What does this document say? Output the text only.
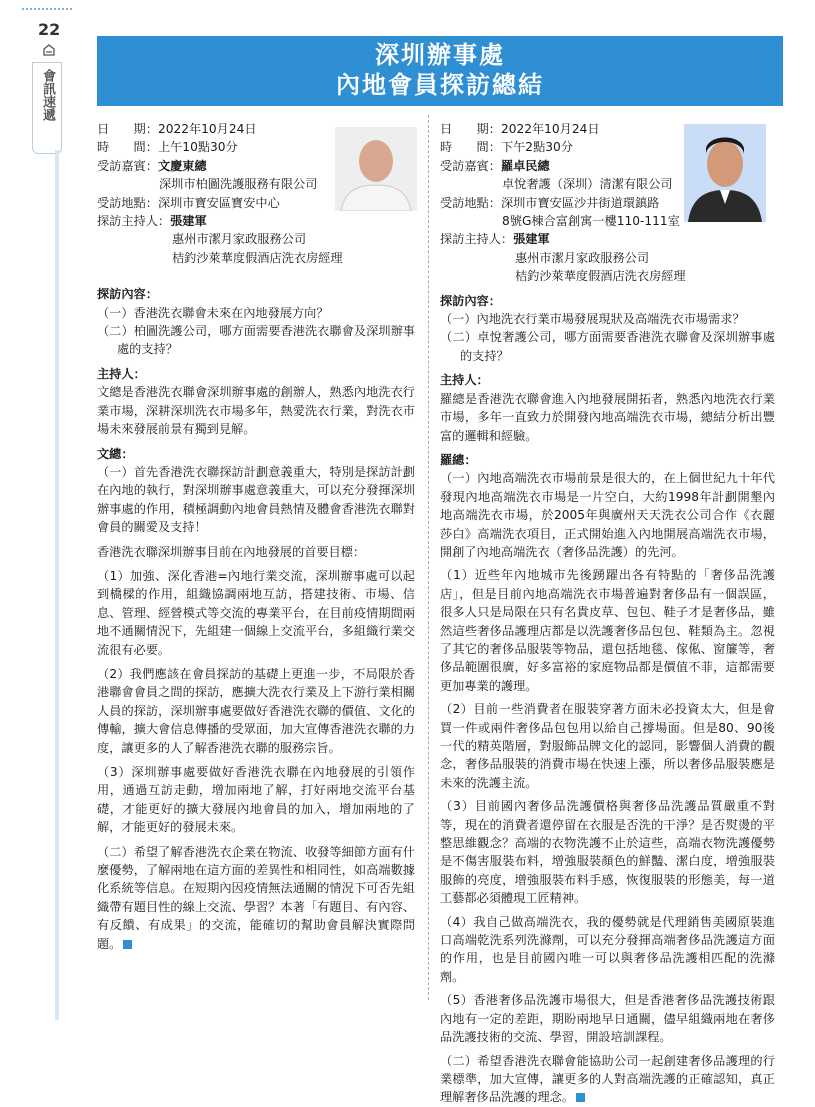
22
會訊速遞
深圳辦事處
內地會員探訪總結
日　　期： 2022年10月24日
時　　間： 上午10點30分
受訪嘉賓： 文慶東總
深圳市柏圖洗護服務有限公司
受訪地點： 深圳市寶安區寶安中心
探訪主持人： 張建軍
惠州市潔月家政服務公司
桔釣沙萊華度假酒店洗衣房經理
探訪內容：

（一）香港洗衣聯會未來在內地發展方向？

（二）柏圖洗護公司，哪方面需要香港洗衣聯會及深圳辦事處的支持？

主持人：

文總是香港洗衣聯會深圳辦事處的創辦人，熟悉內地洗衣行業市場，深耕深圳洗衣市場多年，熱愛洗衣行業，對洗衣市場未來發展前景有獨到見解。

文總：

（一）首先香港洗衣聯探訪計劃意義重大，特別是探訪計劃在內地的執行，對深圳辦事處意義重大，可以充分發揮深圳辦事處的作用，積極調動內地會員熱情及體會香港洗衣聯對會員的關愛及支持！

香港洗衣聯深圳辦事目前在內地發展的首要目標：

（1）加強、深化香港=內地行業交流，深圳辦事處可以起到橋樑的作用，組織協調兩地互訪，搭建技術、市場、信息、管理、經營模式等交流的專業平台，在目前疫情期間兩地不通關情況下，先組建一個線上交流平台，多組織行業交流很有必要。

（2）我們應該在會員探訪的基礎上更進一步，不局限於香港聯會會員之間的探訪，應擴大洗衣行業及上下游行業相關人員的探訪，深圳辦事處要做好香港洗衣聯的價值、文化的傳輸，擴大會信息傳播的受眾面，加大宣傳香港洗衣聯的力度，讓更多的人了解香港洗衣聯的服務宗旨。

（3）深圳辦事處要做好香港洗衣聯在內地發展的引領作用，通過互訪走動，增加兩地了解，打好兩地交流平台基礎，才能更好的擴大發展內地會員的加入，增加兩地的了解，才能更好的發展未來。

（二）希望了解香港洗衣企業在物流、收發等細節方面有什麼優勢，了解兩地在這方面的差異性和相同性，如高端數據化系統等信息。在短期內因疫情無法通關的情況下可否先組織帶有題目性的線上交流、學習？本著「有題目、有內容、有反饋、有成果」的交流，能確切的幫助會員解決實際問題。

日　　期： 2022年10月24日
時　　間： 下午2點30分
受訪嘉賓： 羅卓民總
卓悅奢護（深圳）清潔有限公司
受訪地點： 深圳市寶安區沙井街道環鎮路
8號G棟合富創寓一樓110-111室
探訪主持人： 張建軍
惠州市潔月家政服務公司
桔釣沙萊華度假酒店洗衣房經理
探訪內容：

（一）內地洗衣行業市場發展現狀及高端洗衣市場需求？

（二）卓悅奢護公司，哪方面需要香港洗衣聯會及深圳辦事處的支持？

主持人：

羅總是香港洗衣聯會進入內地發展開拓者，熟悉內地洗衣行業市場，多年一直致力於開發內地高端洗衣市場，總結分析出豐富的邏輯和經驗。

羅總：

（一）內地高端洗衣市場前景是很大的，在上個世紀九十年代發現內地高端洗衣市場是一片空白，大約1998年計劃開墾內地高端洗衣市場，於2005年與廣州天天洗衣公司合作《衣麗莎白》高端洗衣項目，正式開始進入內地開展高端洗衣市場，開創了內地高端洗衣（奢侈品洗護）的先河。

（1）近些年內地城市先後踴躍出各有特點的「奢侈品洗護店」，但是目前內地高端洗衣市場普遍對奢侈品有一個誤區，很多人只是局限在只有名貴皮草、包包、鞋子才是奢侈品，雖然這些奢侈品護理店都是以洗護奢侈品包包、鞋類為主。忽視了其它的奢侈品服裝等物品，還包括地毯、傢俬、窗簾等，奢侈品範圍很廣，好多富裕的家庭物品都是價值不菲，這都需要更加專業的護理。

（2）目前一些消費者在服裝穿著方面未必投資太大，但是會買一件或兩件奢侈品包包用以給自己撐場面。但是80、90後一代的精英階層，對服飾品牌文化的認同，影響個人消費的觀念，奢侈品服裝的消費市場在快速上漲，所以奢侈品服裝應是未來的洗護主流。

（3）目前國內奢侈品洗護價格與奢侈品洗護品質嚴重不對等，現在的消費者還停留在衣服是否洗的干淨？是否熨燙的平整思維觀念？高端的衣物洗護不止於這些，高端衣物洗護優勢是不傷害服裝布料，增強服裝顏色的鮮豔、潔白度，增強服裝服飾的亮度，增強服裝布料手感，恢復服裝的形態美，每一道工藝都必須體現工匠精神。

（4）我自己做高端洗衣，我的優勢就是代理銷售美國原裝進口高端乾洗系列洗滌劑，可以充分發揮高端奢侈品洗護這方面的作用，也是目前國內唯一可以與奢侈品洗護相匹配的洗滌劑。

（5）香港奢侈品洗護市場很大，但是香港奢侈品洗護技術跟內地有一定的差距，期盼兩地早日通關，儘早組織兩地在奢侈品洗護技術的交流、學習，開設培訓課程。

（二）希望香港洗衣聯會能協助公司一起創建奢侈品護理的行業標準，加大宣傳，讓更多的人對高端洗護的正確認知，真正理解奢侈品洗護的理念。
